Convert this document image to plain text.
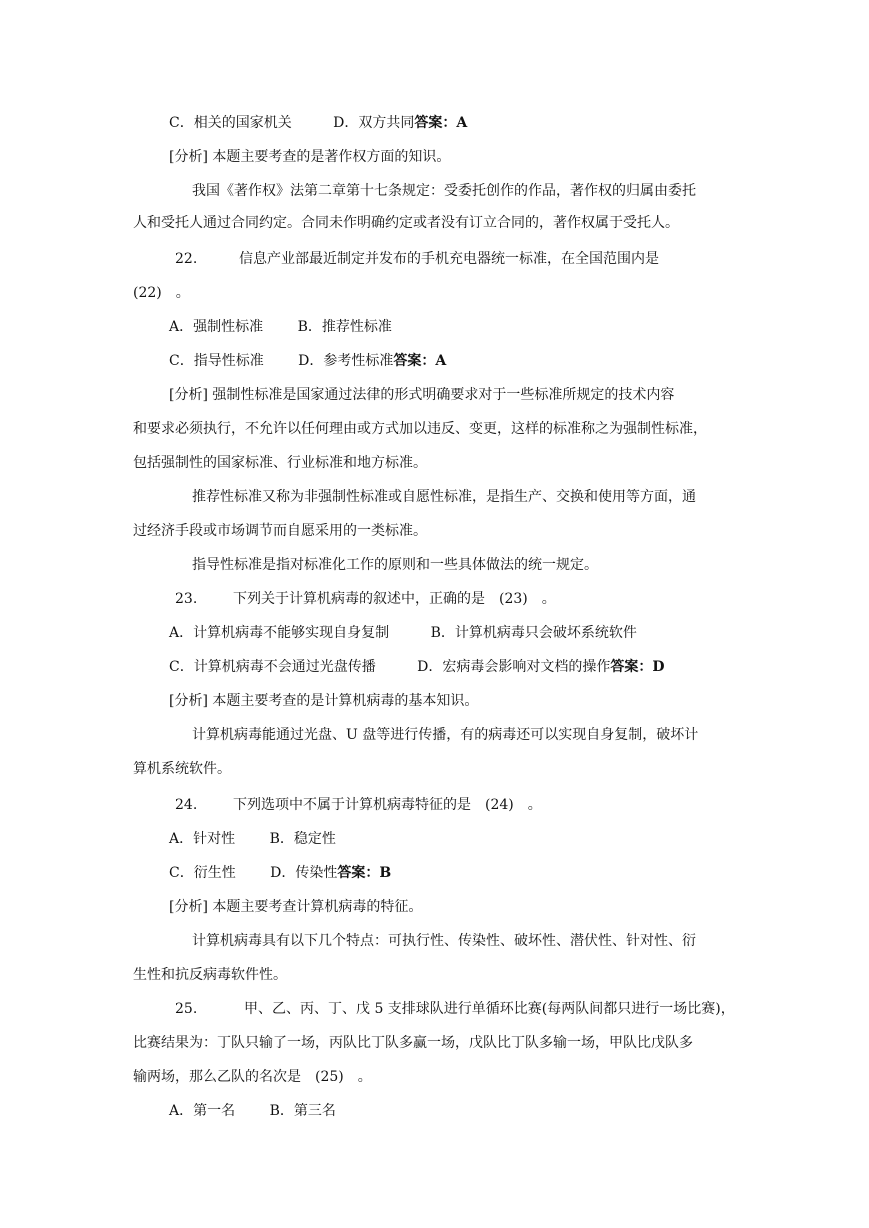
C．相关的国家机关	D．双方共同答案：A
[分析] 本题主要考查的是著作权方面的知识。
我国《著作权》法第二章第十七条规定：受委托创作的作品，著作权的归属由委托
人和受托人通过合同约定。合同未作明确约定或者没有订立合同的，著作权属于受托人。
22.	信息产业部最近制定并发布的手机充电器统一标准，在全国范围内是
(22)　。
A．强制性标准 B．推荐性标准
C．指导性标准 D．参考性标准答案：A
[分析] 强制性标准是国家通过法律的形式明确要求对于一些标准所规定的技术内容
和要求必须执行，不允许以任何理由或方式加以违反、变更，这样的标准称之为强制性标准，
包括强制性的国家标准、行业标准和地方标准。
推荐性标准又称为非强制性标准或自愿性标准，是指生产、交换和使用等方面，通
过经济手段或市场调节而自愿采用的一类标准。
指导性标准是指对标准化工作的原则和一些具体做法的统一规定。
23.	下列关于计算机病毒的叙述中，正确的是　(23)　。
A．计算机病毒不能够实现自身复制	B．计算机病毒只会破坏系统软件
C．计算机病毒不会通过光盘传播	D．宏病毒会影响对文档的操作答案：D
[分析] 本题主要考查的是计算机病毒的基本知识。
计算机病毒能通过光盘、U 盘等进行传播，有的病毒还可以实现自身复制，破坏计
算机系统软件。
24.	下列选项中不属于计算机病毒特征的是　(24)　。
A．针对性 B．稳定性
C．衍生性 D．传染性答案：B
[分析] 本题主要考查计算机病毒的特征。
计算机病毒具有以下几个特点：可执行性、传染性、破坏性、潜伏性、针对性、衍
生性和抗反病毒软件性。
25.	甲、乙、丙、丁、戊 5 支排球队进行单循环比赛(每两队间都只进行一场比赛)，
比赛结果为：丁队只输了一场，丙队比丁队多赢一场，戊队比丁队多输一场，甲队比戊队多
输两场，那么乙队的名次是　(25)　。
A．第一名 B．第三名
